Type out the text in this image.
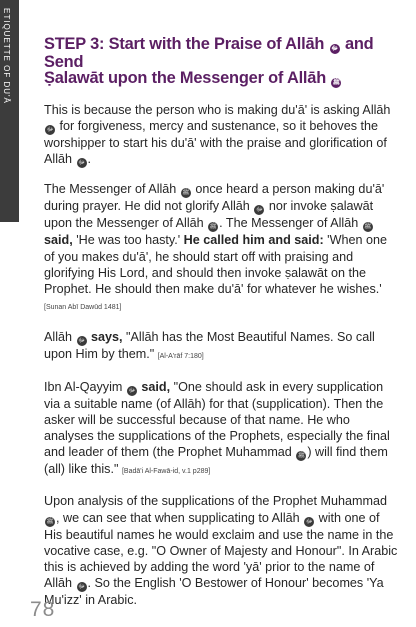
ETIQUETTE OF DU'Ā STEP 3: Start with the Praise of Allāh ﷻ and Send
Ṣalawāt upon the Messenger of Allāh ﷺ

This is because the person who is making du'ā' is asking Allāh ﷻ for forgiveness, mercy and sustenance, so it behoves the worshipper to start his du'ā' with the praise and glorification of Allāh ﷻ .

The Messenger of Allāh ﷺ once heard a person making du'ā' during prayer. He did not glorify Allāh ﷻ nor invoke ṣalawāt upon the Messenger of Allāh ﷺ . The Messenger of Allāh ﷺ said, 'He was too hasty.' He called him and said: 'When one of you makes du'ā', he should start off with praising and glorifying His Lord, and should then invoke ṣalawāt on the Prophet. He should then make du'ā' for whatever he wishes.' [Sunan Abī Dawūd 1481]

Allāh ﷻ says, "Allāh has the Most Beautiful Names. So call upon Him by them." [Al-A'rāf 7:180]

Ibn Al-Qayyim ﷻ said, "One should ask in every supplication via a suitable name (of Allāh) for that (supplication). Then the asker will be successful because of that name. He who analyses the supplications of the Prophets, especially the final and leader of them (the Prophet Muhammad ﷺ ) will find them (all) like this." [Badā'i Al-Fawā-id, v.1 p289]

Upon analysis of the supplications of the Prophet Muhammad ﷺ , we can see that when supplicating to Allāh ﷻ with one of His beautiful names he would exclaim and use the name in the vocative case, e.g. "O Owner of Majesty and Honour". In Arabic this is achieved by adding the word 'yā' prior to the name of Allāh ﷻ . So the English 'O Bestower of Honour' becomes 'Ya Mu'izz' in Arabic.

78
